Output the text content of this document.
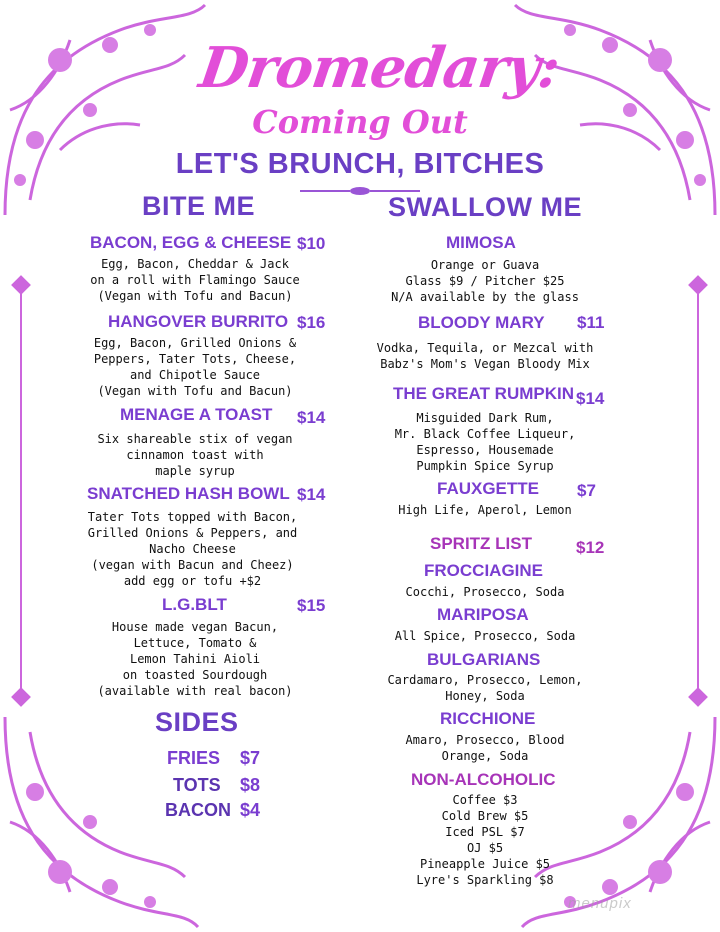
Dromedary:
Coming Out
LET'S BRUNCH, BITCHES
BITE ME
BACON, EGG & CHEESE $10
Egg, Bacon, Cheddar & Jack
on a roll with Flamingo Sauce
(Vegan with Tofu and Bacun)
HANGOVER BURRITO $16
Egg, Bacon, Grilled Onions &
Peppers, Tater Tots, Cheese,
and Chipotle Sauce
(Vegan with Tofu and Bacun)
MENAGE A TOAST $14
Six shareable stix of vegan
cinnamon toast with
maple syrup
SNATCHED HASH BOWL $14
Tater Tots topped with Bacon,
Grilled Onions & Peppers, and
Nacho Cheese
(vegan with Bacun and Cheez)
add egg or tofu +$2
L.G.BLT	$15
House made vegan Bacun,
Lettuce, Tomato &
Lemon Tahini Aioli
on toasted Sourdough
(available with real bacon)
SIDES
FRIES $7
TOTS $8
BACON $4
SWALLOW ME
MIMOSA
Orange or Guava
Glass $9 / Pitcher $25
N/A available by the glass
BLOODY MARY $11
Vodka, Tequila, or Mezcal with
Babz's Mom's Vegan Bloody Mix
THE GREAT RUMPKIN $14
Misguided Dark Rum,
Mr. Black Coffee Liqueur,
Espresso, Housemade
Pumpkin Spice Syrup
FAUXGETTE $7
High Life, Aperol, Lemon
SPRITZ LIST	$12
FROCCIAGINE
Cocchi, Prosecco, Soda
MARIPOSA
All Spice, Prosecco, Soda
BULGARIANS
Cardamaro, Prosecco, Lemon,
Honey, Soda
RICCHIONE
Amaro, Prosecco, Blood
Orange, Soda
NON-ALCOHOLIC
Coffee $3
Cold Brew $5
Iced PSL $7
OJ $5
Pineapple Juice $5
Lyre's Sparkling $8
menupix
